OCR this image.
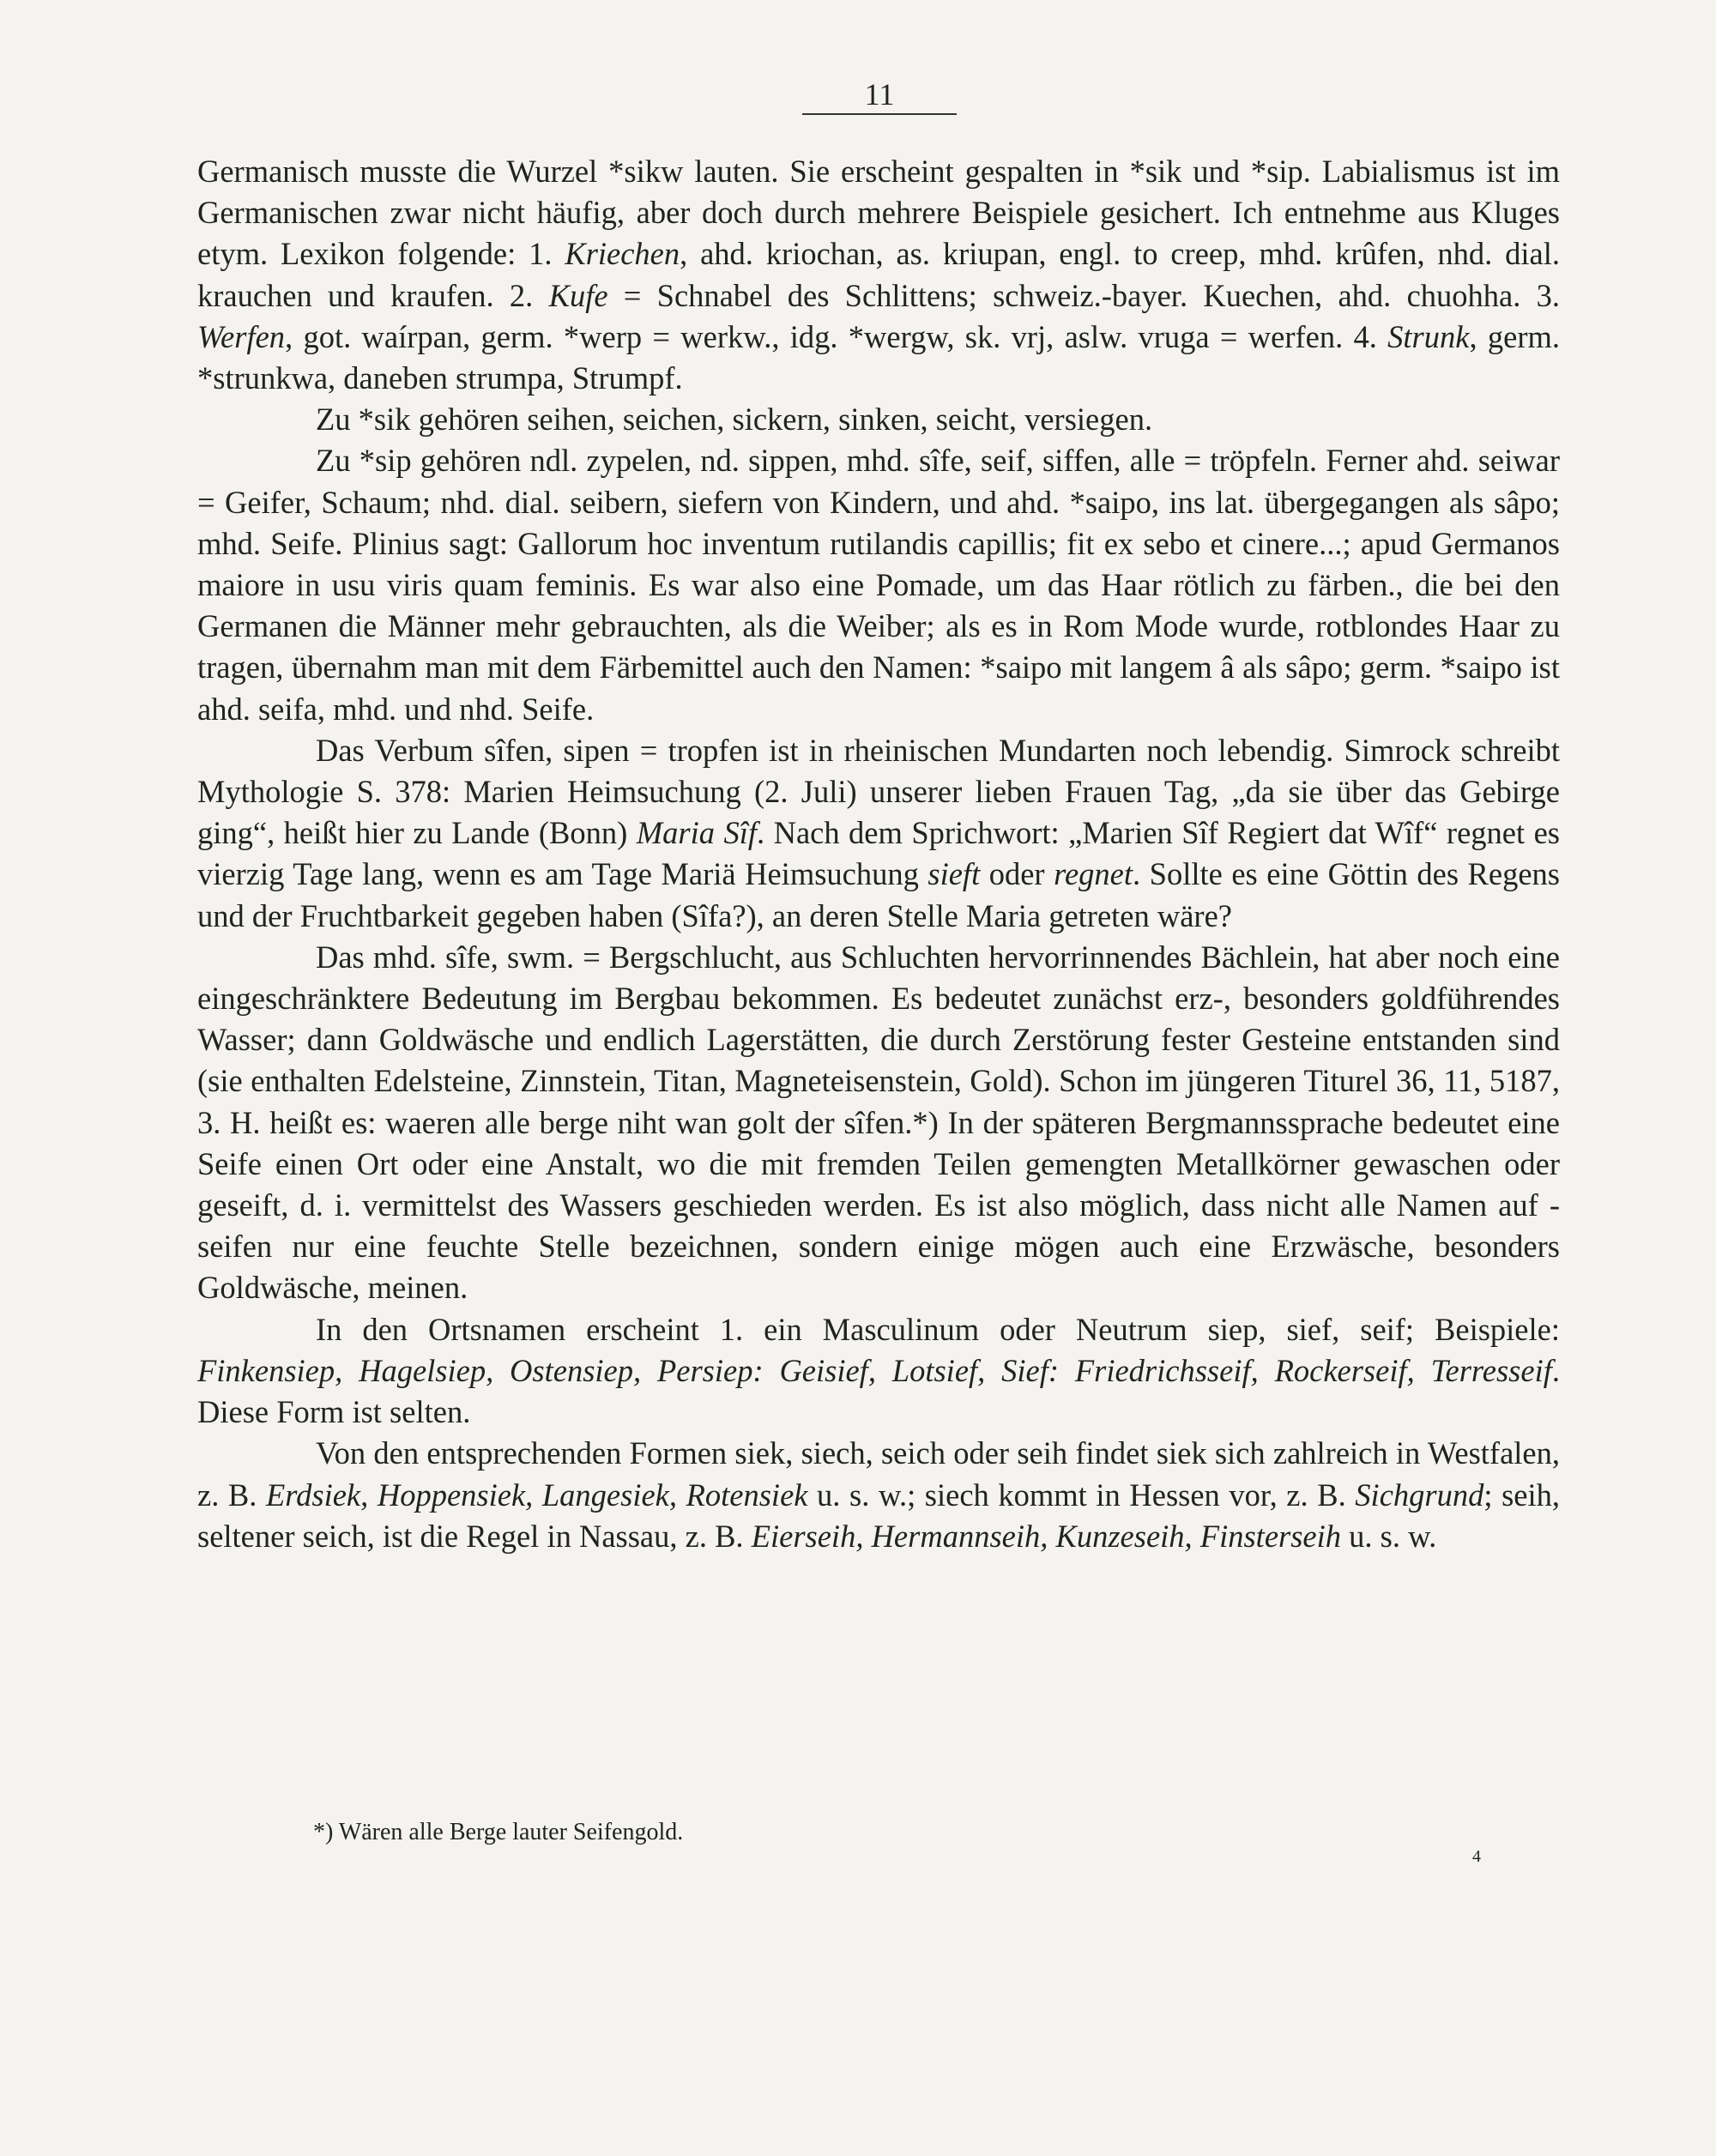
11

Germanisch musste die Wurzel *sikw lauten. Sie erscheint gespalten in *sik und *sip. Labialismus ist im Germanischen zwar nicht häufig, aber doch durch mehrere Beispiele gesichert. Ich entnehme aus Kluges etym. Lexikon folgende: 1. Kriechen, ahd. kriochan, as. kriupan, engl. to creep, mhd. krûfen, nhd. dial. krauchen und kraufen. 2. Kufe = Schnabel des Schlittens; schweiz.-bayer. Kuechen, ahd. chuohha. 3. Werfen, got. waírpan, germ. *werp = werkw., idg. *wergw, sk. vrj, aslw. vruga = werfen. 4. Strunk, germ. *strunkwa, daneben strumpa, Strumpf.

Zu *sik gehören seihen, seichen, sickern, sinken, seicht, versiegen.

Zu *sip gehören ndl. zypelen, nd. sippen, mhd. sîfe, seif, siffen, alle = tröpfeln. Ferner ahd. seiwar = Geifer, Schaum; nhd. dial. seibern, siefern von Kindern, und ahd. *saipo, ins lat. übergegangen als sâpo; mhd. Seife. Plinius sagt: Gallorum hoc inventum rutilandis capillis; fit ex sebo et cinere...; apud Germanos maiore in usu viris quam feminis. Es war also eine Pomade, um das Haar rötlich zu färben., die bei den Germanen die Männer mehr gebrauchten, als die Weiber; als es in Rom Mode wurde, rotblondes Haar zu tragen, übernahm man mit dem Färbemittel auch den Namen: *saipo mit langem â als sâpo; germ. *saipo ist ahd. seifa, mhd. und nhd. Seife.

Das Verbum sîfen, sipen = tropfen ist in rheinischen Mundarten noch lebendig. Simrock schreibt Mythologie S. 378: Marien Heimsuchung (2. Juli) unserer lieben Frauen Tag, „da sie über das Gebirge ging“, heißt hier zu Lande (Bonn) Maria Sîf. Nach dem Sprichwort: „Marien Sîf Regiert dat Wîf“ regnet es vierzig Tage lang, wenn es am Tage Mariä Heimsuchung sieft oder regnet. Sollte es eine Göttin des Regens und der Fruchtbarkeit gegeben haben (Sîfa?), an deren Stelle Maria getreten wäre?

Das mhd. sîfe, swm. = Bergschlucht, aus Schluchten hervorrinnendes Bächlein, hat aber noch eine eingeschränktere Bedeutung im Bergbau bekommen. Es bedeutet zunächst erz-, besonders goldführendes Wasser; dann Goldwäsche und endlich Lagerstätten, die durch Zerstörung fester Gesteine entstanden sind (sie enthalten Edelsteine, Zinnstein, Titan, Magneteisenstein, Gold). Schon im jüngeren Titurel 36, 11, 5187, 3. H. heißt es: waeren alle berge niht wan golt der sîfen.*) In der späteren Bergmannssprache bedeutet eine Seife einen Ort oder eine Anstalt, wo die mit fremden Teilen gemengten Metallkörner gewaschen oder geseift, d. i. vermittelst des Wassers geschieden werden. Es ist also möglich, dass nicht alle Namen auf -seifen nur eine feuchte Stelle bezeichnen, sondern einige mögen auch eine Erzwäsche, besonders Goldwäsche, meinen.

In den Ortsnamen erscheint 1. ein Masculinum oder Neutrum siep, sief, seif; Beispiele: Finkensiep, Hagelsiep, Ostensiep, Persiep: Geisief, Lotsief, Sief: Friedrichsseif, Rockerseif, Terresseif. Diese Form ist selten.

Von den entsprechenden Formen siek, siech, seich oder seih findet siek sich zahlreich in Westfalen, z. B. Erdsiek, Hoppensiek, Langesiek, Rotensiek u. s. w.; siech kommt in Hessen vor, z. B. Sichgrund; seih, seltener seich, ist die Regel in Nassau, z. B. Eierseih, Hermannseih, Kunzeseih, Finsterseih u. s. w.

*) Wären alle Berge lauter Seifengold.
4
